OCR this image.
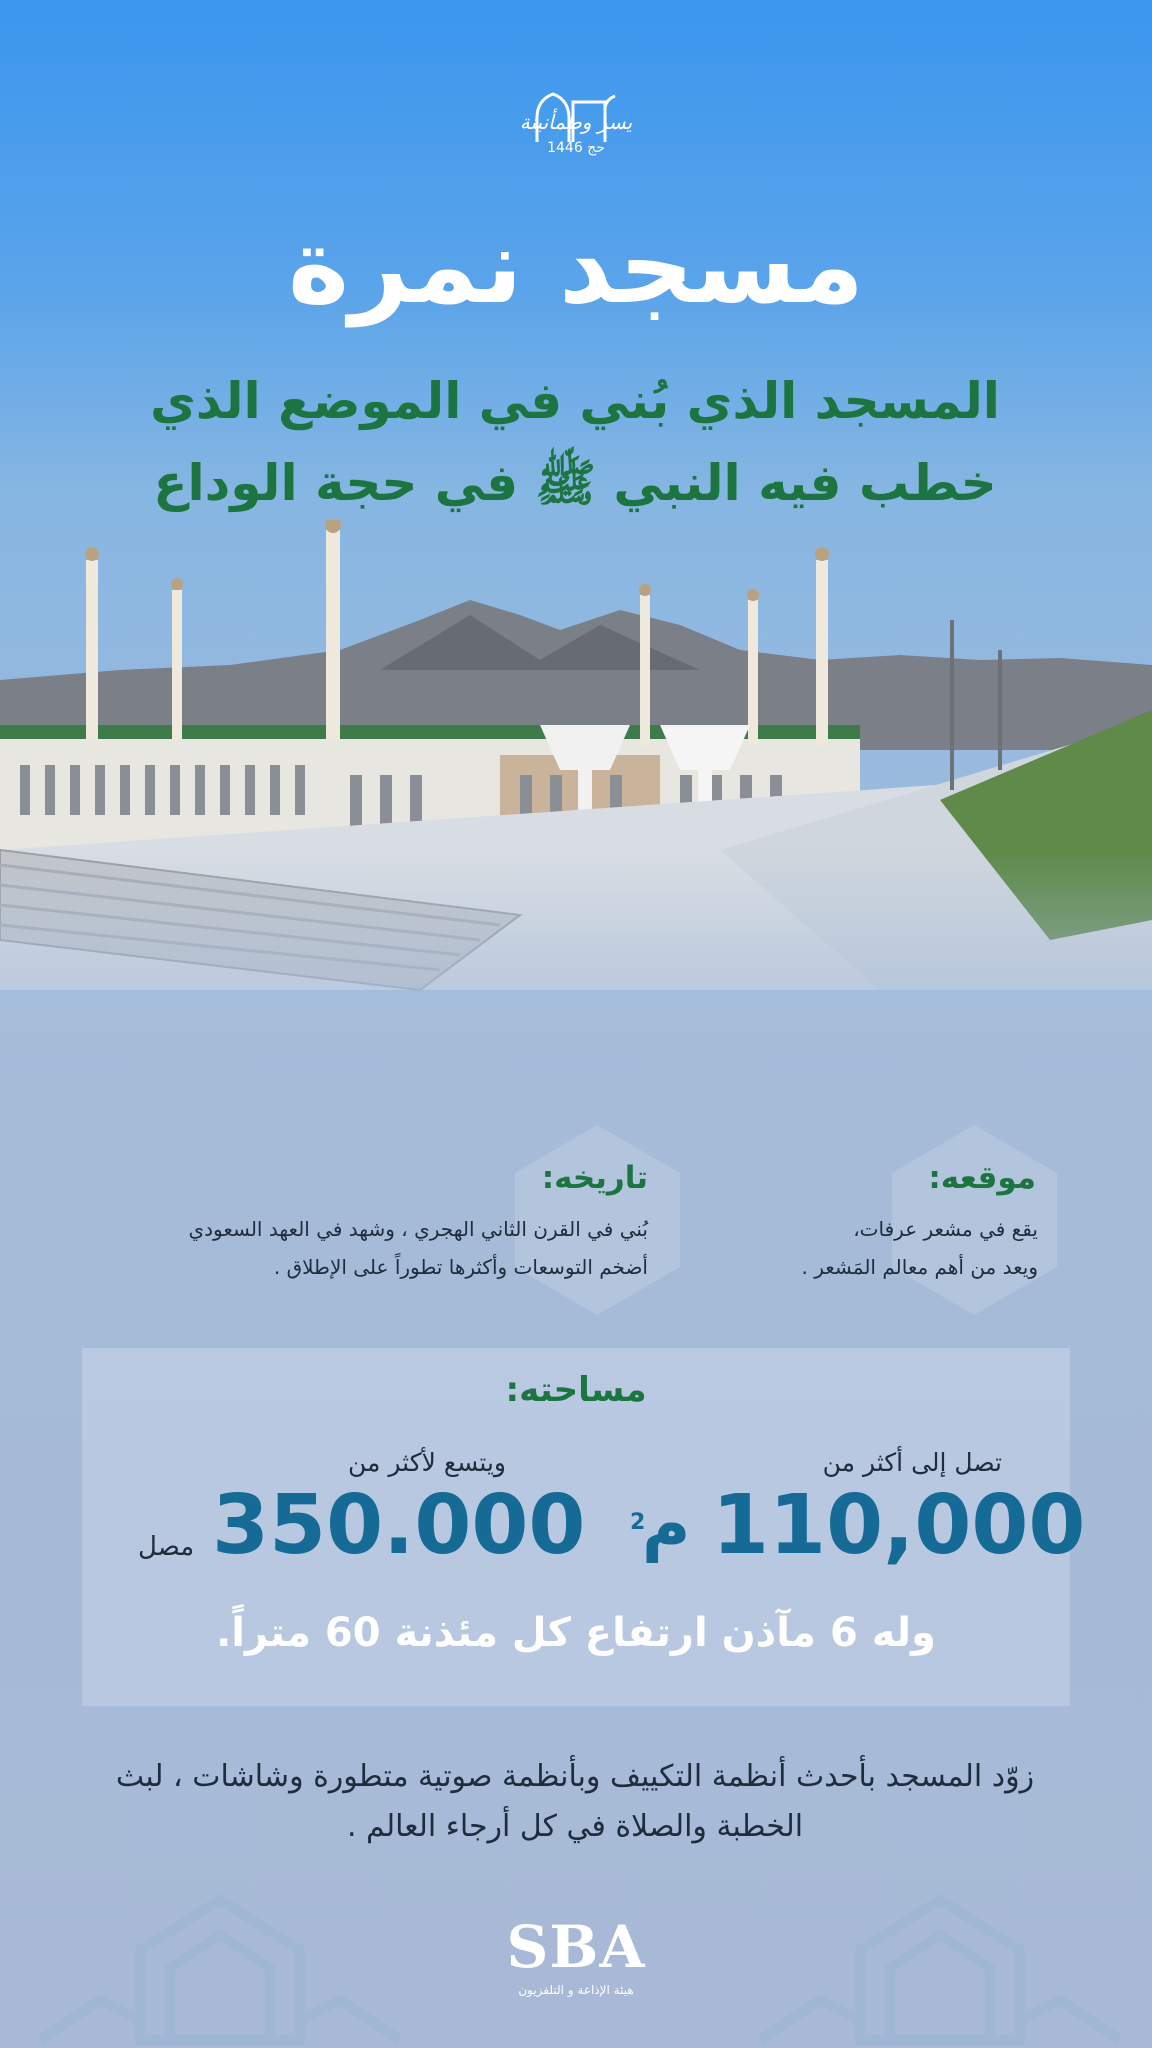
يسر وطمأنينة
حج 1446
مسجد نمرة
المسجد الذي بُني في الموضع الذي
خطب فيه النبي ﷺ في حجة الوداع
موقعه:
يقع في مشعر عرفات،
ويعد من أهم معالم المَشعر .
تاريخه:
بُني في القرن الثاني الهجري ، وشهد في العهد السعودي
أضخم التوسعات وأكثرها تطوراً على الإطلاق .
مساحته:
تصل إلى أكثر من
110,000
م
2
ويتسع لأكثر من
350.000
مصل
وله 6 مآذن ارتفاع كل مئذنة 60 متراً.
زوّد المسجد بأحدث أنظمة التكييف وبأنظمة صوتية متطورة وشاشات ، لبث
الخطبة والصلاة في كل أرجاء العالم .
SBA
هيئة الإذاعة و التلفزيون
